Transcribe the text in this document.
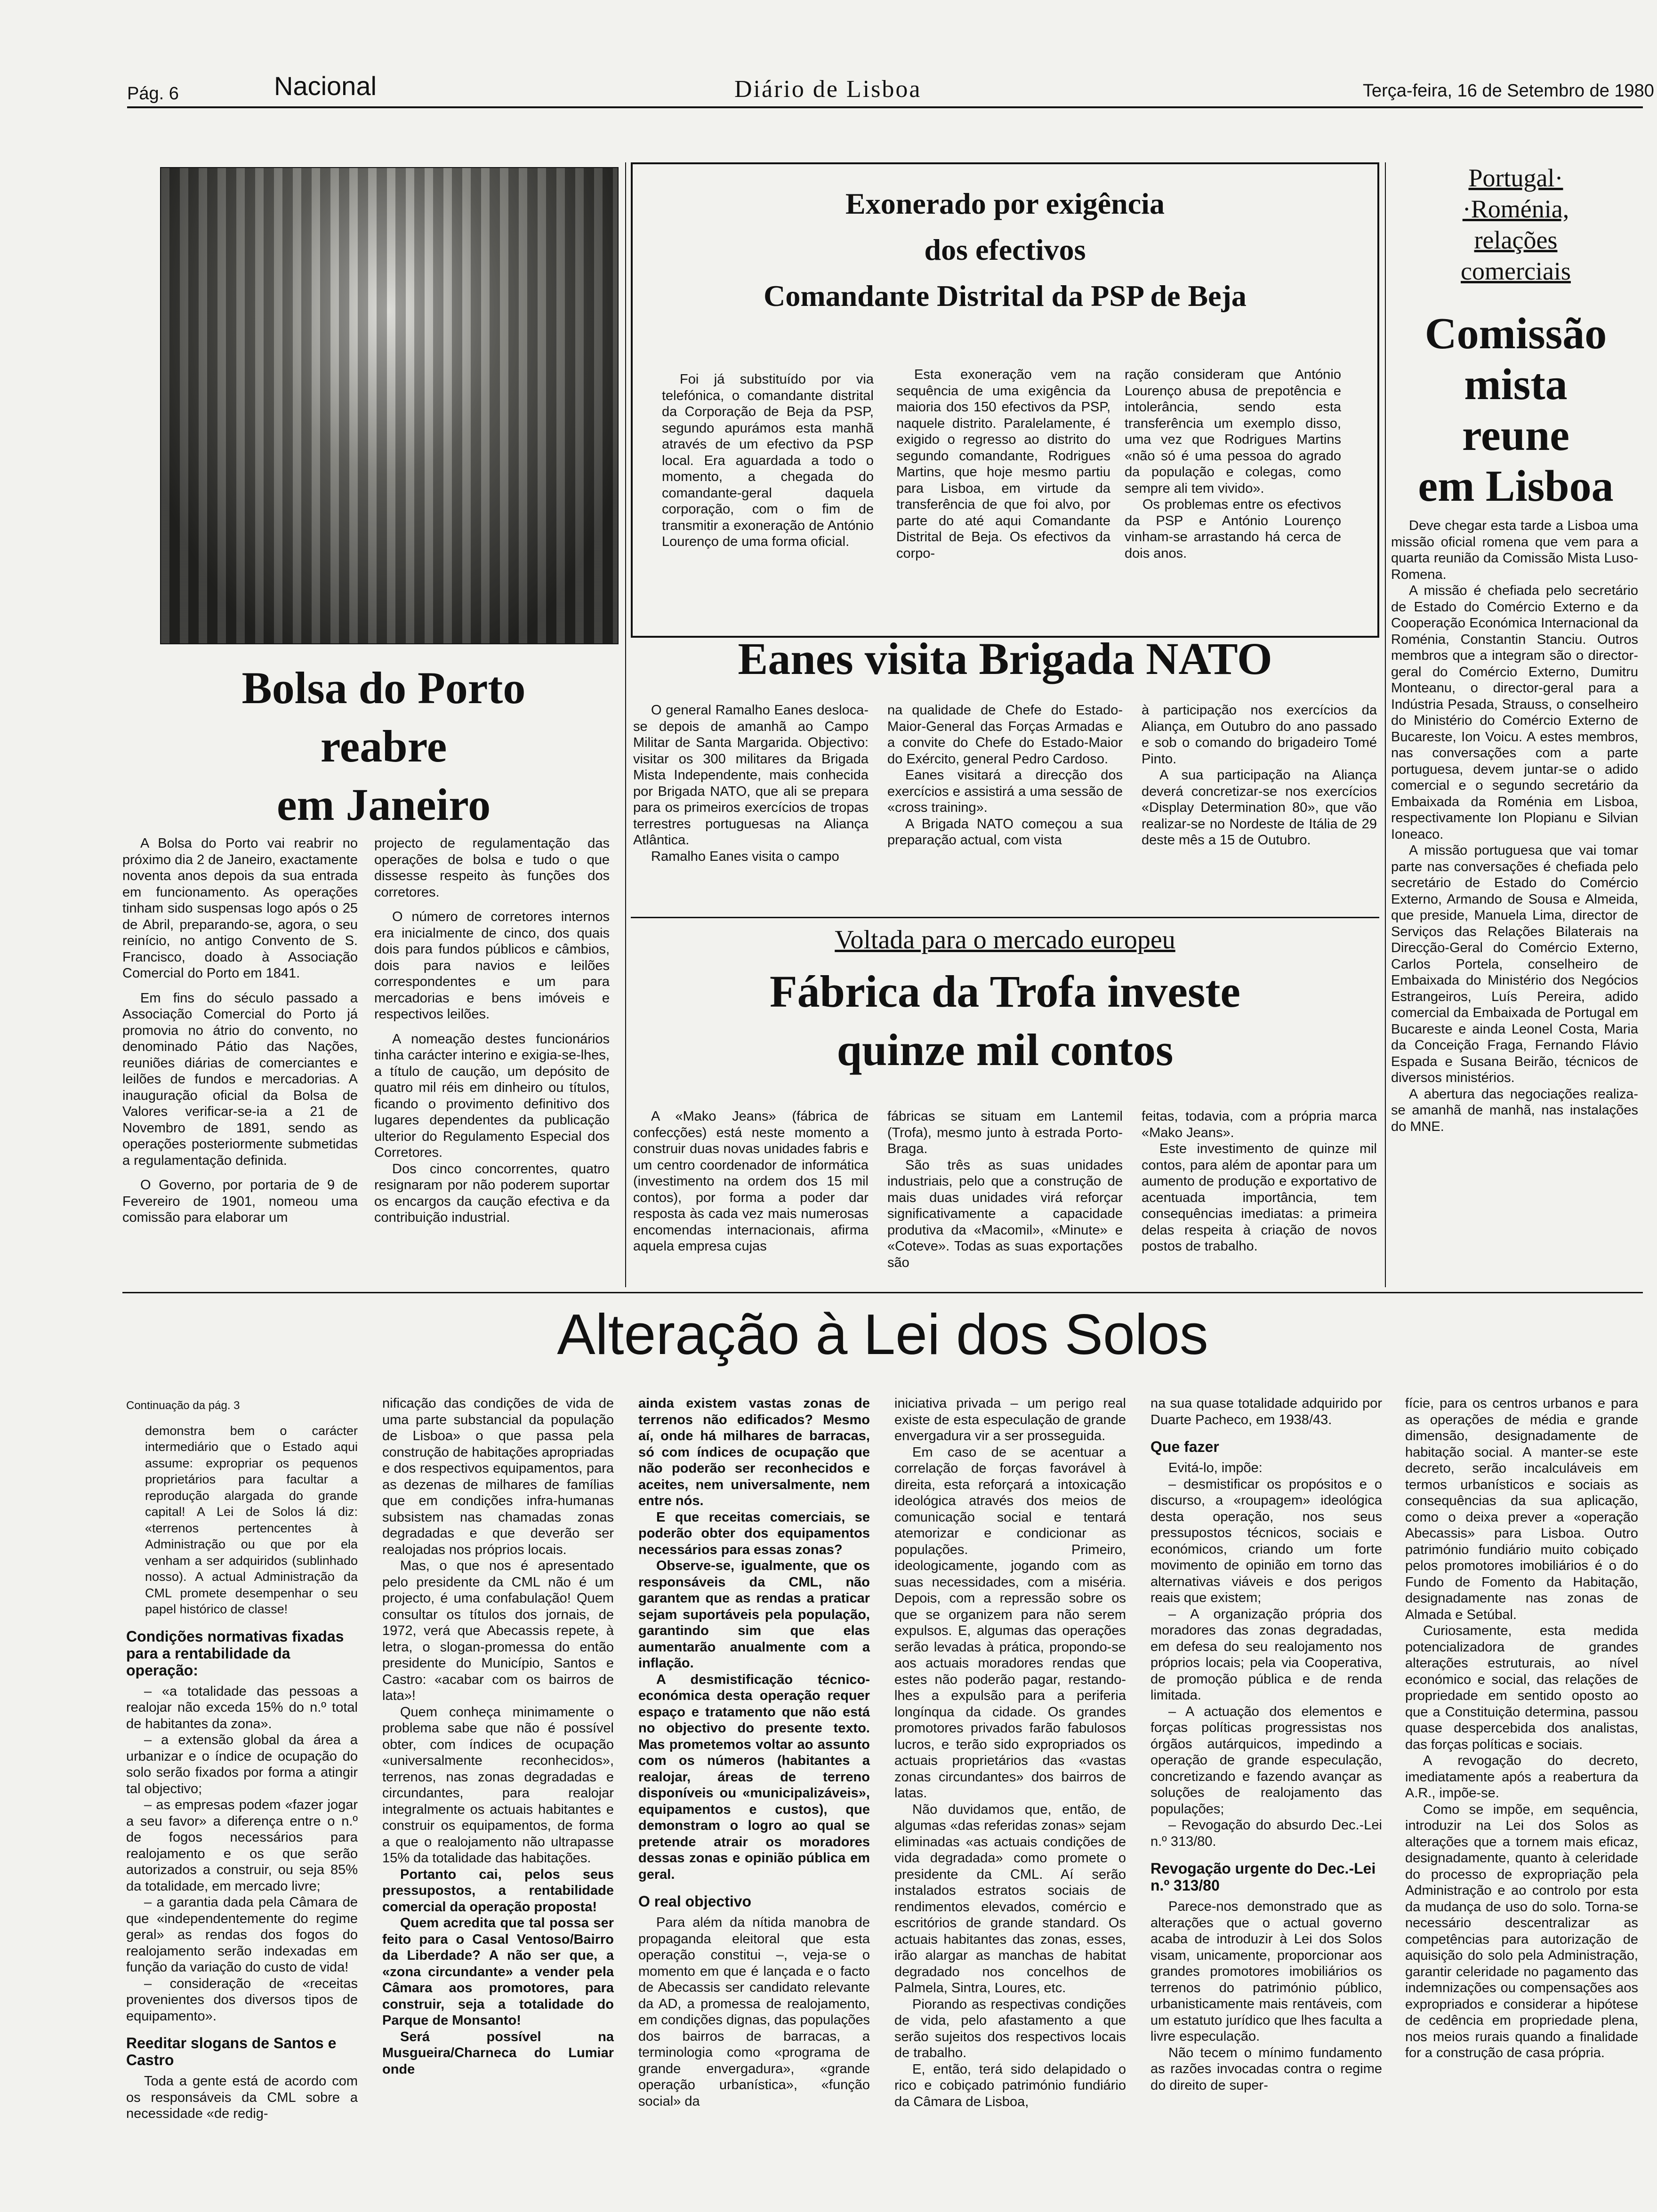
Pág. 6	Nacional	Diário de Lisboa	Terça-feira, 16 de Setembro de 1980
Exonerado por exigência
dos efectivos
Comandante Distrital da PSP de Beja

Foi já substituído por via telefónica, o comandante distrital da Corporação de Beja da PSP, segundo apurámos esta manhã através de um efectivo da PSP local. Era aguardada a todo o momento, a chegada do comandante-geral daquela corporação, com o fim de transmitir a exoneração de António Lourenço de uma forma oficial.

Esta exoneração vem na sequência de uma exigência da maioria dos 150 efectivos da PSP, naquele distrito. Paralelamente, é exigido o regresso ao distrito do segundo comandante, Rodrigues Martins, que hoje mesmo partiu para Lisboa, em virtude da transferência de que foi alvo, por parte do até aqui Comandante Distrital de Beja. Os efectivos da corpo-

ração consideram que António Lourenço abusa de prepotência e intolerância, sendo esta transferência um exemplo disso, uma vez que Rodrigues Martins «não só é uma pessoa do agrado da população e colegas, como sempre ali tem vivido».

Os problemas entre os efectivos da PSP e António Lourenço vinham-se arrastando há cerca de dois anos.

Portugal·
·Roménia,
relações
comerciais
Comissão
mista
reune
em Lisboa

Deve chegar esta tarde a Lisboa uma missão oficial romena que vem para a quarta reunião da Comissão Mista Luso-Romena.

A missão é chefiada pelo secretário de Estado do Comércio Externo e da Cooperação Económica Internacional da Roménia, Constantin Stanciu. Outros membros que a integram são o director-geral do Comércio Externo, Dumitru Monteanu, o director-geral para a Indústria Pesada, Strauss, o conselheiro do Ministério do Comércio Externo de Bucareste, Ion Voicu. A estes membros, nas conversações com a parte portuguesa, devem juntar-se o adido comercial e o segundo secretário da Embaixada da Roménia em Lisboa, respectivamente Ion Plopianu e Silvian Ioneaco.

A missão portuguesa que vai tomar parte nas conversações é chefiada pelo secretário de Estado do Comércio Externo, Armando de Sousa e Almeida, que preside, Manuela Lima, director de Serviços das Relações Bilaterais na Direcção-Geral do Comércio Externo, Carlos Portela, conselheiro de Embaixada do Ministério dos Negócios Estrangeiros, Luís Pereira, adido comercial da Embaixada de Portugal em Bucareste e ainda Leonel Costa, Maria da Conceição Fraga, Fernando Flávio Espada e Susana Beirão, técnicos de diversos ministérios.

A abertura das negociações realiza-se amanhã de manhã, nas instalações do MNE.

Eanes visita Brigada NATO

O general Ramalho Eanes desloca-se depois de amanhã ao Campo Militar de Santa Margarida. Objectivo: visitar os 300 militares da Brigada Mista Independente, mais conhecida por Brigada NATO, que ali se prepara para os primeiros exercícios de tropas terrestres portuguesas na Aliança Atlântica.

Ramalho Eanes visita o campo

na qualidade de Chefe do Estado-Maior-General das Forças Armadas e a convite do Chefe do Estado-Maior do Exército, general Pedro Cardoso.

Eanes visitará a direcção dos exercícios e assistirá a uma sessão de «cross training».

A Brigada NATO começou a sua preparação actual, com vista

à participação nos exercícios da Aliança, em Outubro do ano passado e sob o comando do brigadeiro Tomé Pinto.

A sua participação na Aliança deverá concretizar-se nos exercícios «Display Determination 80», que vão realizar-se no Nordeste de Itália de 29 deste mês a 15 de Outubro.

Voltada para o mercado europeu
Fábrica da Trofa investe
quinze mil contos

A «Mako Jeans» (fábrica de confecções) está neste momento a construir duas novas unidades fabris e um centro coordenador de informática (investimento na ordem dos 15 mil contos), por forma a poder dar resposta às cada vez mais numerosas encomendas internacionais, afirma aquela empresa cujas

fábricas se situam em Lantemil (Trofa), mesmo junto à estrada Porto-Braga.

São três as suas unidades industriais, pelo que a construção de mais duas unidades virá reforçar significativamente a capacidade produtiva da «Macomil», «Minute» e «Coteve». Todas as suas exportações são

feitas, todavia, com a própria marca «Mako Jeans».

Este investimento de quinze mil contos, para além de apontar para um aumento de produção e exportativo de acentuada importância, tem consequências imediatas: a primeira delas respeita à criação de novos postos de trabalho.

Bolsa do Porto
reabre
em Janeiro

A Bolsa do Porto vai reabrir no próximo dia 2 de Janeiro, exactamente noventa anos depois da sua entrada em funcionamento. As operações tinham sido suspensas logo após o 25 de Abril, preparando-se, agora, o seu reinício, no antigo Convento de S. Francisco, doado à Associação Comercial do Porto em 1841.

Em fins do século passado a Associação Comercial do Porto já promovia no átrio do convento, no denominado Pátio das Nações, reuniões diárias de comerciantes e leilões de fundos e mercadorias. A inauguração oficial da Bolsa de Valores verificar-se-ia a 21 de Novembro de 1891, sendo as operações posteriormente submetidas a regulamentação definida.

O Governo, por portaria de 9 de Fevereiro de 1901, nomeou uma comissão para elaborar um

projecto de regulamentação das operações de bolsa e tudo o que dissesse respeito às funções dos corretores.

O número de corretores internos era inicialmente de cinco, dos quais dois para fundos públicos e câmbios, dois para navios e leilões correspondentes e um para mercadorias e bens imóveis e respectivos leilões.

A nomeação destes funcionários tinha carácter interino e exigia-se-lhes, a título de caução, um depósito de quatro mil réis em dinheiro ou títulos, ficando o provimento definitivo dos lugares dependentes da publicação ulterior do Regulamento Especial dos Corretores.

Dos cinco concorrentes, quatro resignaram por não poderem suportar os encargos da caução efectiva e da contribuição industrial.

Alteração à Lei dos Solos
Continuação da pág. 3

demonstra bem o carácter intermediário que o Estado aqui assume: expropriar os pequenos proprietários para facultar a reprodução alargada do grande capital! A Lei de Solos lá diz: «terrenos pertencentes à Administração ou que por ela venham a ser adquiridos (sublinhado nosso). A actual Administração da CML promete desempenhar o seu papel histórico de classe!

Condições normativas fixadas para a rentabilidade da operação:

– «a totalidade das pessoas a realojar não exceda 15% do n.º total de habitantes da zona».

– a extensão global da área a urbanizar e o índice de ocupação do solo serão fixados por forma a atingir tal objectivo;

– as empresas podem «fazer jogar a seu favor» a diferença entre o n.º de fogos necessários para realojamento e os que serão autorizados a construir, ou seja 85% da totalidade, em mercado livre;

– a garantia dada pela Câmara de que «independentemente do regime geral» as rendas dos fogos do realojamento serão indexadas em função da variação do custo de vida!

– consideração de «receitas provenientes dos diversos tipos de equipamento».

Reeditar slogans de Santos e Castro

Toda a gente está de acordo com os responsáveis da CML sobre a necessidade «de redig-

nificação das condições de vida de uma parte substancial da população de Lisboa» o que passa pela construção de habitações apropriadas e dos respectivos equipamentos, para as dezenas de milhares de famílias que em condições infra-humanas subsistem nas chamadas zonas degradadas e que deverão ser realojadas nos próprios locais.

Mas, o que nos é apresentado pelo presidente da CML não é um projecto, é uma confabulação! Quem consultar os títulos dos jornais, de 1972, verá que Abecassis repete, à letra, o slogan-promessa do então presidente do Município, Santos e Castro: «acabar com os bairros de lata»!

Quem conheça minimamente o problema sabe que não é possível obter, com índices de ocupação «universalmente reconhecidos», terrenos, nas zonas degradadas e circundantes, para realojar integralmente os actuais habitantes e construir os equipamentos, de forma a que o realojamento não ultrapasse 15% da totalidade das habitações.

Portanto cai, pelos seus pressupostos, a rentabilidade comercial da operação proposta!

Quem acredita que tal possa ser feito para o Casal Ventoso/Bairro da Liberdade? A não ser que, a «zona circundante» a vender pela Câmara aos promotores, para construir, seja a totalidade do Parque de Monsanto!

Será possível na Musgueira/Charneca do Lumiar onde

ainda existem vastas zonas de terrenos não edificados? Mesmo aí, onde há milhares de barracas, só com índices de ocupação que não poderão ser reconhecidos e aceites, nem universalmente, nem entre nós.

E que receitas comerciais, se poderão obter dos equipamentos necessários para essas zonas?

Observe-se, igualmente, que os responsáveis da CML, não garantem que as rendas a praticar sejam suportáveis pela população, garantindo sim que elas aumentarão anualmente com a inflação.

A desmistificação técnico-económica desta operação requer espaço e tratamento que não está no objectivo do presente texto. Mas prometemos voltar ao assunto com os números (habitantes a realojar, áreas de terreno disponíveis ou «municipalizáveis», equipamentos e custos), que demonstram o logro ao qual se pretende atrair os moradores dessas zonas e opinião pública em geral.

O real objectivo

Para além da nítida manobra de propaganda eleitoral que esta operação constitui –, veja-se o momento em que é lançada e o facto de Abecassis ser candidato relevante da AD, a promessa de realojamento, em condições dignas, das populações dos bairros de barracas, a terminologia como «programa de grande envergadura», «grande operação urbanística», «função social» da

iniciativa privada – um perigo real existe de esta especulação de grande envergadura vir a ser prosseguida.

Em caso de se acentuar a correlação de forças favorável à direita, esta reforçará a intoxicação ideológica através dos meios de comunicação social e tentará atemorizar e condicionar as populações. Primeiro, ideologicamente, jogando com as suas necessidades, com a miséria. Depois, com a repressão sobre os que se organizem para não serem expulsos. E, algumas das operações serão levadas à prática, propondo-se aos actuais moradores rendas que estes não poderão pagar, restando-lhes a expulsão para a periferia longínqua da cidade. Os grandes promotores privados farão fabulosos lucros, e terão sido expropriados os actuais proprietários das «vastas zonas circundantes» dos bairros de latas.

Não duvidamos que, então, de algumas «das referidas zonas» sejam eliminadas «as actuais condições de vida degradada» como promete o presidente da CML. Aí serão instalados estratos sociais de rendimentos elevados, comércio e escritórios de grande standard. Os actuais habitantes das zonas, esses, irão alargar as manchas de habitat degradado nos concelhos de Palmela, Sintra, Loures, etc.

Piorando as respectivas condições de vida, pelo afastamento a que serão sujeitos dos respectivos locais de trabalho.

E, então, terá sido delapidado o rico e cobiçado património fundiário da Câmara de Lisboa,

na sua quase totalidade adquirido por Duarte Pacheco, em 1938/43.

Que fazer

Evitá-lo, impõe:

– desmistificar os propósitos e o discurso, a «roupagem» ideológica desta operação, nos seus pressupostos técnicos, sociais e económicos, criando um forte movimento de opinião em torno das alternativas viáveis e dos perigos reais que existem;

– A organização própria dos moradores das zonas degradadas, em defesa do seu realojamento nos próprios locais; pela via Cooperativa, de promoção pública e de renda limitada.

– A actuação dos elementos e forças políticas progressistas nos órgãos autárquicos, impedindo a operação de grande especulação, concretizando e fazendo avançar as soluções de realojamento das populações;

– Revogação do absurdo Dec.-Lei n.º 313/80.

Revogação urgente do Dec.-Lei n.º 313/80

Parece-nos demonstrado que as alterações que o actual governo acaba de introduzir à Lei dos Solos visam, unicamente, proporcionar aos grandes promotores imobiliários os terrenos do património público, urbanisticamente mais rentáveis, com um estatuto jurídico que lhes faculta a livre especulação.

Não tecem o mínimo fundamento as razões invocadas contra o regime do direito de super-

fície, para os centros urbanos e para as operações de média e grande dimensão, designadamente de habitação social. A manter-se este decreto, serão incalculáveis em termos urbanísticos e sociais as consequências da sua aplicação, como o deixa prever a «operação Abecassis» para Lisboa. Outro património fundiário muito cobiçado pelos promotores imobiliários é o do Fundo de Fomento da Habitação, designadamente nas zonas de Almada e Setúbal.

Curiosamente, esta medida potencializadora de grandes alterações estruturais, ao nível económico e social, das relações de propriedade em sentido oposto ao que a Constituição determina, passou quase despercebida dos analistas, das forças políticas e sociais.

A revogação do decreto, imediatamente após a reabertura da A.R., impõe-se.

Como se impõe, em sequência, introduzir na Lei dos Solos as alterações que a tornem mais eficaz, designadamente, quanto à celeridade do processo de expropriação pela Administração e ao controlo por esta da mudança de uso do solo. Torna-se necessário descentralizar as competências para autorização de aquisição do solo pela Administração, garantir celeridade no pagamento das indemnizações ou compensações aos expropriados e considerar a hipótese de cedência em propriedade plena, nos meios rurais quando a finalidade for a construção de casa própria.
